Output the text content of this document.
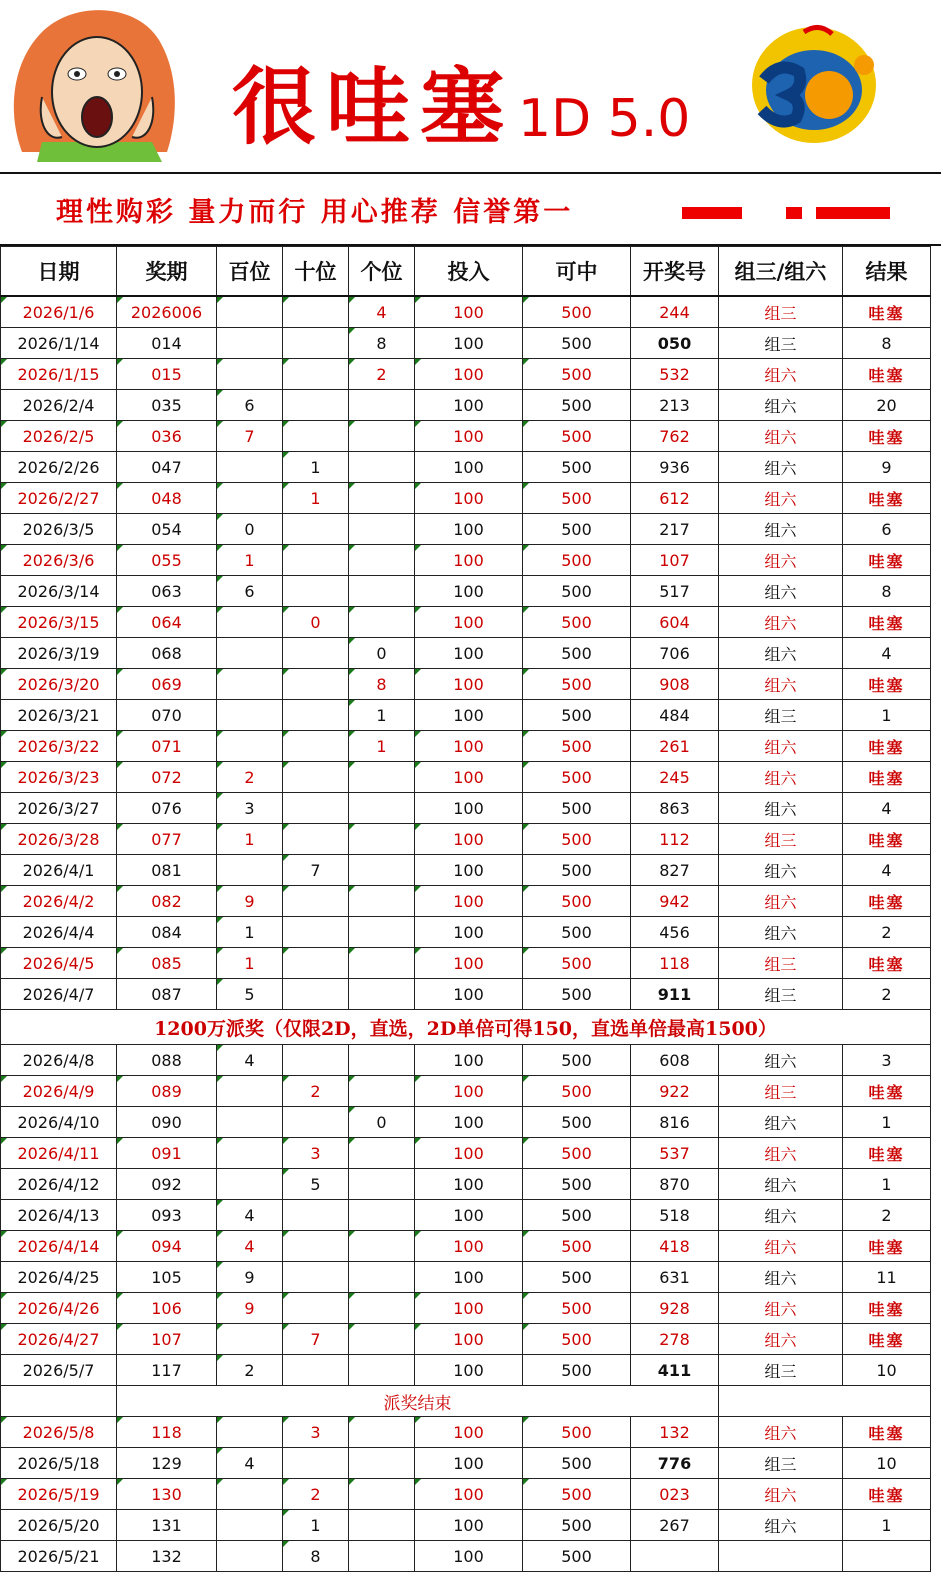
很哇塞 1D 5.0
理性购彩 量力而行 用心推荐 信誉第一
日期	奖期	百位	十位	个位	投入	可中	开奖号	组三/组六	结果
2026/1/6	2026006			4	100	500	244	组三	哇塞
2026/1/14	014			8	100	500	050	组三	8
2026/1/15	015			2	100	500	532	组六	哇塞
2026/2/4	035	6			100	500	213	组六	20
2026/2/5	036	7			100	500	762	组六	哇塞
2026/2/26	047		1		100	500	936	组六	9
2026/2/27	048		1		100	500	612	组六	哇塞
2026/3/5	054	0			100	500	217	组六	6
2026/3/6	055	1			100	500	107	组六	哇塞
2026/3/14	063	6			100	500	517	组六	8
2026/3/15	064		0		100	500	604	组六	哇塞
2026/3/19	068			0	100	500	706	组六	4
2026/3/20	069			8	100	500	908	组六	哇塞
2026/3/21	070			1	100	500	484	组三	1
2026/3/22	071			1	100	500	261	组六	哇塞
2026/3/23	072	2			100	500	245	组六	哇塞
2026/3/27	076	3			100	500	863	组六	4
2026/3/28	077	1			100	500	112	组三	哇塞
2026/4/1	081		7		100	500	827	组六	4
2026/4/2	082	9			100	500	942	组六	哇塞
2026/4/4	084	1			100	500	456	组六	2
2026/4/5	085	1			100	500	118	组三	哇塞
2026/4/7	087	5			100	500	911	组三	2
1200万派奖（仅限2D，直选，2D单倍可得150，直选单倍最高1500）									
2026/4/8	088	4			100	500	608	组六	3
2026/4/9	089		2		100	500	922	组三	哇塞
2026/4/10	090			0	100	500	816	组六	1
2026/4/11	091		3		100	500	537	组六	哇塞
2026/4/12	092		5		100	500	870	组六	1
2026/4/13	093	4			100	500	518	组六	2
2026/4/14	094	4			100	500	418	组六	哇塞
2026/4/25	105	9			100	500	631	组六	11
2026/4/26	106	9			100	500	928	组六	哇塞
2026/4/27	107		7		100	500	278	组六	哇塞
2026/5/7	117	2			100	500	411	组三	10
	派奖结束								
2026/5/8	118		3		100	500	132	组六	哇塞
2026/5/18	129	4			100	500	776	组三	10
2026/5/19	130		2		100	500	023	组六	哇塞
2026/5/20	131		1		100	500	267	组六	1
2026/5/21	132		8		100	500			
